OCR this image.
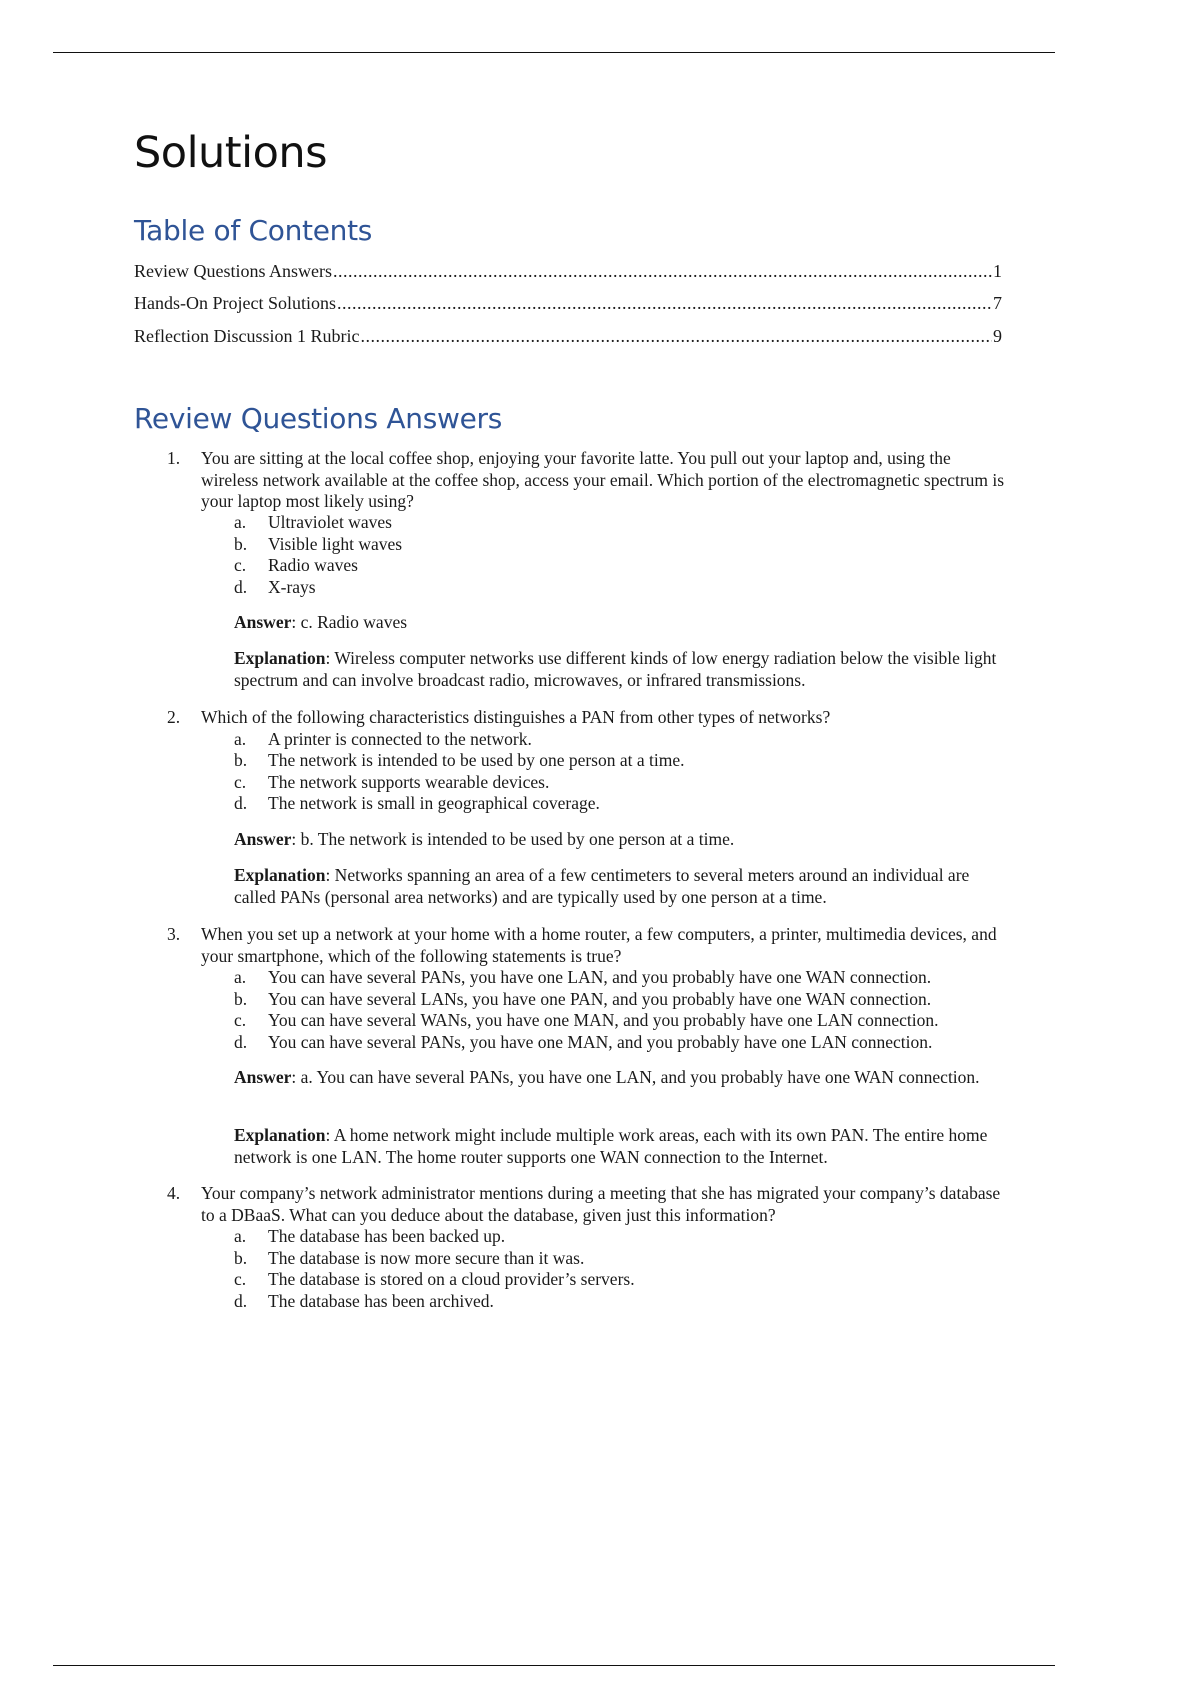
Solutions
Table of Contents
Review Questions Answers .....	1
Hands-On Project Solutions .....	7
Reflection Discussion 1 Rubric .....	9
Review Questions Answers
1. You are sitting at the local coffee shop, enjoying your favorite latte. You pull out your laptop and, using the wireless network available at the coffee shop, access your email. Which portion of the electromagnetic spectrum is your laptop most likely using?
a.	Ultraviolet waves
b.	Visible light waves
c.	Radio waves
d.	X-rays
Answer: c. Radio waves
Explanation: Wireless computer networks use different kinds of low energy radiation below the visible light spectrum and can involve broadcast radio, microwaves, or infrared transmissions.
2. Which of the following characteristics distinguishes a PAN from other types of networks?
a.	A printer is connected to the network.
b.	The network is intended to be used by one person at a time.
c.	The network supports wearable devices.
d.	The network is small in geographical coverage.
Answer: b. The network is intended to be used by one person at a time.
Explanation: Networks spanning an area of a few centimeters to several meters around an individual are called PANs (personal area networks) and are typically used by one person at a time.
3. When you set up a network at your home with a home router, a few computers, a printer, multimedia devices, and your smartphone, which of the following statements is true?
a.	You can have several PANs, you have one LAN, and you probably have one WAN connection.
b.	You can have several LANs, you have one PAN, and you probably have one WAN connection.
c.	You can have several WANs, you have one MAN, and you probably have one LAN connection.
d.	You can have several PANs, you have one MAN, and you probably have one LAN connection.
Answer: a. You can have several PANs, you have one LAN, and you probably have one WAN connection.
Explanation: A home network might include multiple work areas, each with its own PAN. The entire home network is one LAN. The home router supports one WAN connection to the Internet.
4. Your company’s network administrator mentions during a meeting that she has migrated your company’s database to a DBaaS. What can you deduce about the database, given just this information?
a.	The database has been backed up.
b.	The database is now more secure than it was.
c.	The database is stored on a cloud provider’s servers.
d.	The database has been archived.
